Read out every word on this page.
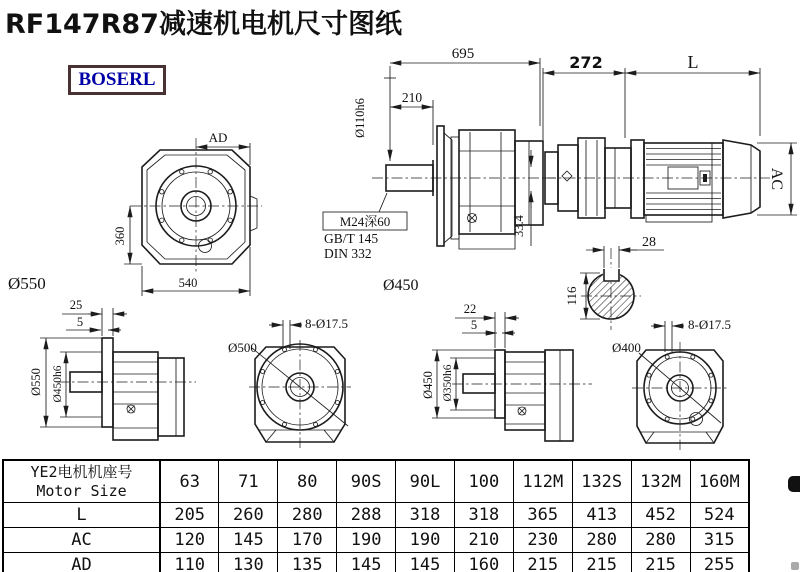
RF147R87减速机电机尺寸图纸
BOSERL
AD
360
540
Ø550
695
210
Ø110h6
M24深60
GB/T 145
DIN 332
33.4
Ø450
272	L
AC
28
116
25
5
Ø550 Ø450h6
8-Ø17.5
Ø500
22
5
Ø450 Ø350h6
8-Ø17.5
Ø400
YE2电机机座号
Motor Size	63	71	80	90S	90L	100	112M	132S	132M	160M
L	205	260	280	288	318	318	365	413	452	524
AC	120	145	170	190	190	210	230	280	280	315
AD	110	130	135	145	145	160	215	215	215	255
